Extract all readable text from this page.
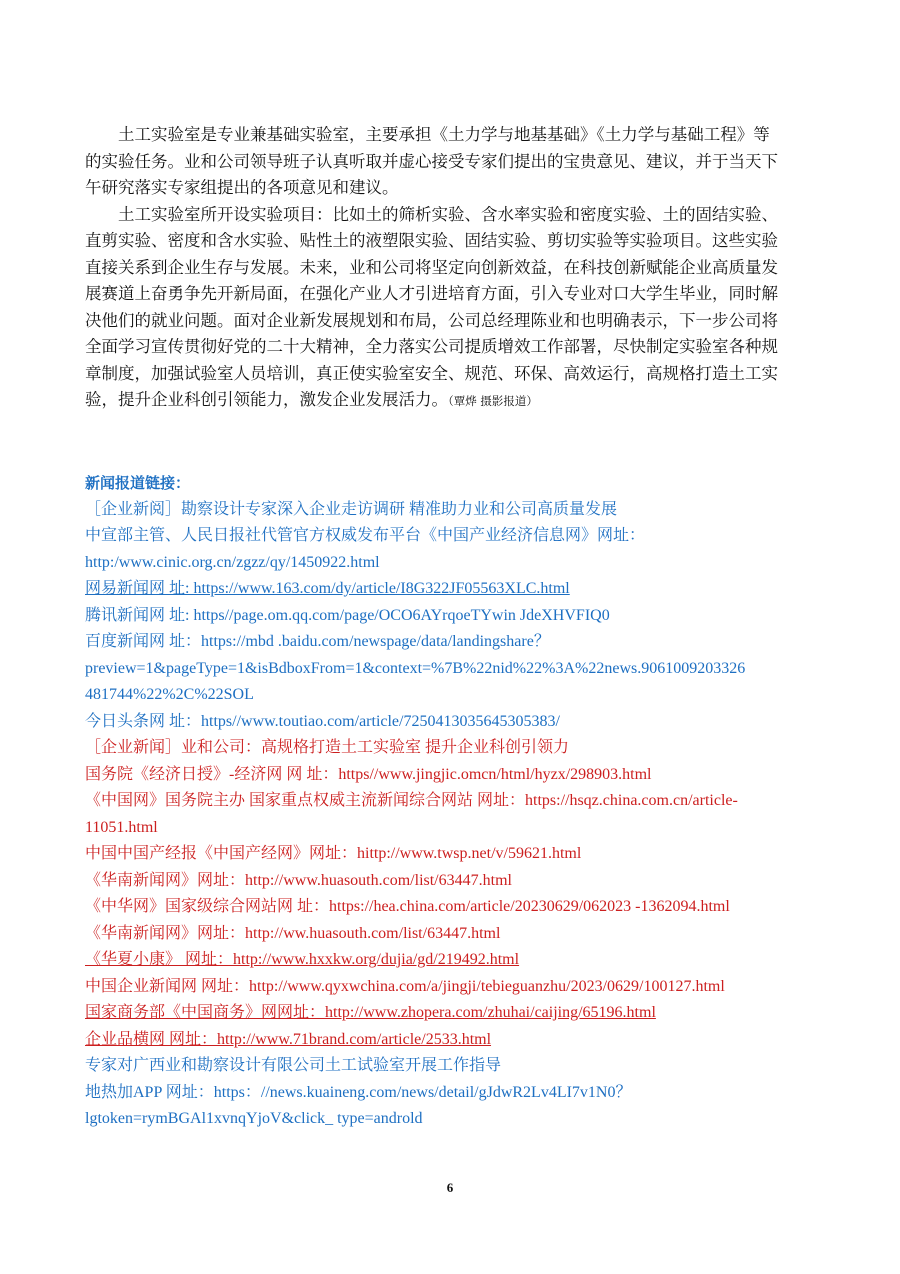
　　土工实验室是专业兼基础实验室，主要承担《土力学与地基基础》《土力学与基础工程》等
的实验任务。业和公司领导班子认真听取并虚心接受专家们提出的宝贵意见、建议，并于当天下
午研究落实专家组提出的各项意见和建议。
　　土工实验室所开设实验项目：比如土的筛析实验、含水率实验和密度实验、土的固结实验、
直剪实验、密度和含水实验、贴性土的液塑限实验、固结实验、剪切实验等实验项目。这些实验
直接关系到企业生存与发展。未来，业和公司将坚定向创新效益，在科技创新赋能企业高质量发
展赛道上奋勇争先开新局面，在强化产业人才引进培育方面，引入专业对口大学生毕业，同时解
决他们的就业问题。面对企业新发展规划和布局，公司总经理陈业和也明确表示，下一步公司将
全面学习宣传贯彻好党的二十大精神，全力落实公司提质增效工作部署，尽快制定实验室各种规
章制度，加强试验室人员培训，真正使实验室安全、规范、环保、高效运行，高规格打造土工实
验，提升企业科创引领能力，激发企业发展活力。（覃烨 摄影报道）
新闻报道链接：
［企业新阅］勘察设计专家深入企业走访调研 精准助力业和公司高质量发展
中宣部主管、人民日报社代管官方权威发布平台《中国产业经济信息网》网址：
http:/www.cinic.org.cn/zgzz/qy/1450922.html
网易新闻网 址: https://www.163.com/dy/article/I8G322JF05563XLC.html
腾讯新闻网 址: https//page.om.qq.com/page/OCO6AYrqoeTYwin JdeXHVFIQ0
百度新闻网 址：https://mbd .baidu.com/newspage/data/landingshare？
preview=1&pageType=1&isBdboxFrom=1&context=%7B%22nid%22%3A%22news.9061009203326
481744%22%2C%22SOL
今日头条网 址：https//www.toutiao.com/article/7250413035645305383/
［企业新闻］业和公司：高规格打造土工实验室 提升企业科创引领力
国务院《经济日授》-经济网 网 址：https//www.jingjic.omcn/html/hyzx/298903.html
《中国网》国务院主办 国家重点权威主流新闻综合网站 网址：https://hsqz.china.com.cn/article-
11051.html
中国中国产经报《中国产经网》网址：hittp://www.twsp.net/v/59621.html
《华南新闻网》网址：http://www.huasouth.com/list/63447.html
《中华网》国家级综合网站网 址：https://hea.china.com/article/20230629/062023 -1362094.html
《华南新闻网》网址：http://ww.huasouth.com/list/63447.html
《华夏小康》 网址：http://www.hxxkw.org/dujia/gd/219492.html
中国企业新闻网 网址：http://www.qyxwchina.com/a/jingji/tebieguanzhu/2023/0629/100127.html
国家商务部《中国商务》网网址：http://www.zhopera.com/zhuhai/caijing/65196.html
企业品横网 网址：http://www.71brand.com/article/2533.html
专家对广西业和勘察设计有限公司土工试验室开展工作指导
地热加APP 网址：https：//news.kuaineng.com/news/detail/gJdwR2Lv4LI7v1N0？
lgtoken=rymBGAl1xvnqYjoV&click_ type=androld
6
